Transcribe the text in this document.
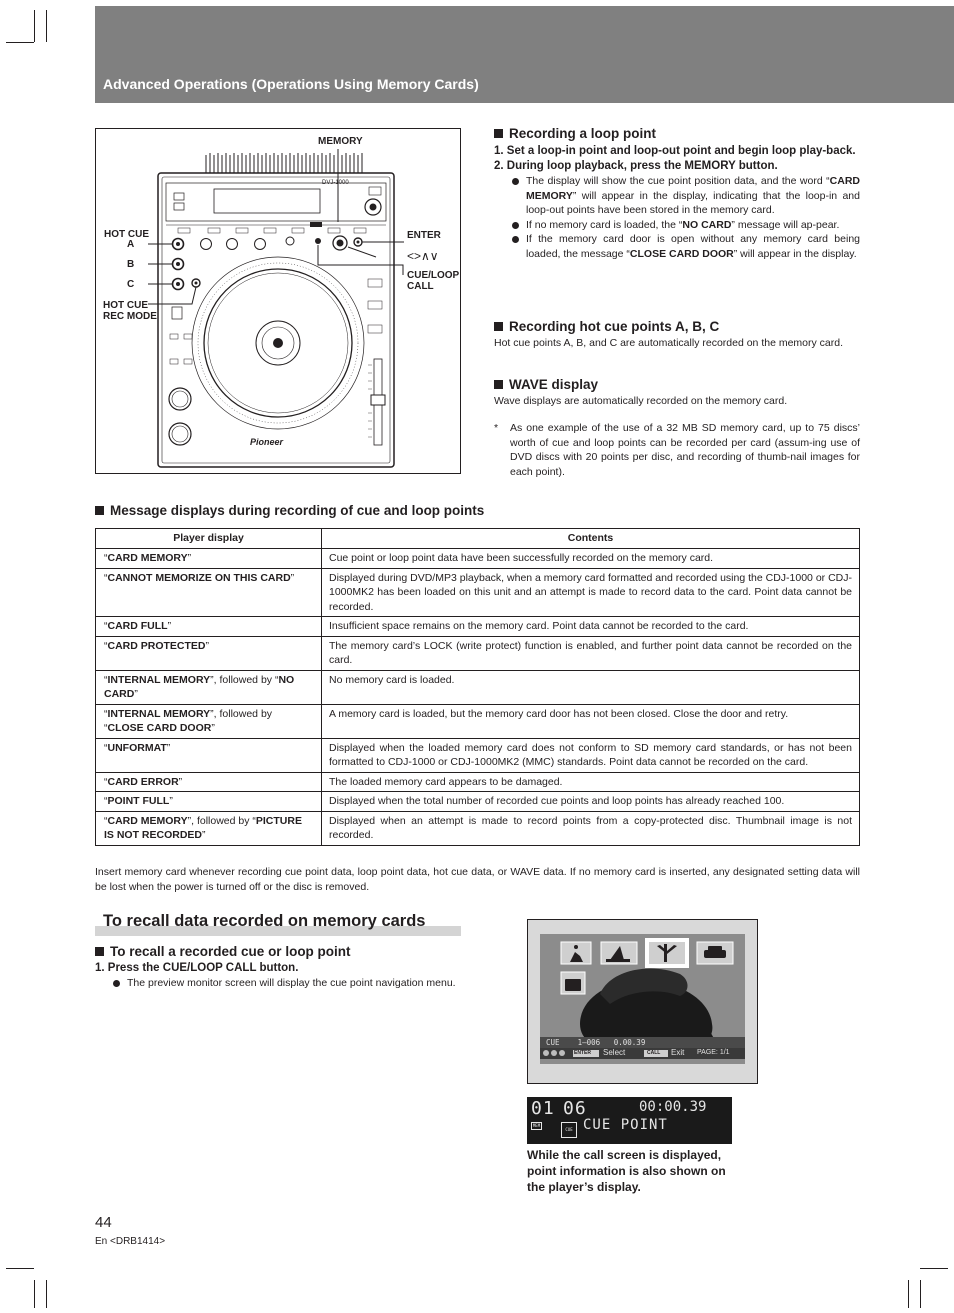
Advanced Operations (Operations Using Memory Cards)
DVJ-1000
Pioneer
MEMORY
HOT CUE
A
B
C
HOT CUE
REC MODE
ENTER
<>∧∨
CUE/LOOP
CALL
Recording a loop point
1. Set a loop-in point and loop-out point and begin loop play-back.
2. During loop playback, press the MEMORY button.
The display will show the cue point position data, and the word “CARD MEMORY” will appear in the display, indicating that the loop-in and loop-out points have been stored in the memory card.
If no memory card is loaded, the “NO CARD” message will ap-pear.
If the memory card door is open without any memory card being loaded, the message “CLOSE CARD DOOR” will appear in the display.
Recording hot cue points A, B, C
Hot cue points A, B, and C are automatically recorded on the memory card.
WAVE display
Wave displays are automatically recorded on the memory card.
* As one example of the use of a 32 MB SD memory card, up to 75 discs’ worth of cue and loop points can be recorded per card (assum-ing use of DVD discs with 20 points per disc, and recording of thumb-nail images for each point).
Message displays during recording of cue and loop points
Player display	Contents
“CARD MEMORY”	Cue point or loop point data have been successfully recorded on the memory card.
“CANNOT MEMORIZE ON THIS CARD”	Displayed during DVD/MP3 playback, when a memory card formatted and recorded using the CDJ-1000 or CDJ-1000MK2 has been loaded on this unit and an attempt is made to record data to the card. Point data cannot be recorded.
“CARD FULL”	Insufficient space remains on the memory card. Point data cannot be recorded to the card.
“CARD PROTECTED”	The memory card’s LOCK (write protect) function is enabled, and further point data cannot be recorded on the card.
“INTERNAL MEMORY”, followed by “NO CARD”	No memory card is loaded.
“INTERNAL MEMORY”, followed by “CLOSE CARD DOOR”	A memory card is loaded, but the memory card door has not been closed. Close the door and retry.
“UNFORMAT”	Displayed when the loaded memory card does not conform to SD memory card standards, or has not been formatted to CDJ-1000 or CDJ-1000MK2 (MMC) standards. Point data cannot be recorded on the card.
“CARD ERROR”	The loaded memory card appears to be damaged.
“POINT FULL”	Displayed when the total number of recorded cue points and loop points has already reached 100.
“CARD MEMORY”, followed by “PICTURE IS NOT RECORDED”	Displayed when an attempt is made to record points from a copy-protected disc. Thumbnail image is not recorded.
Insert memory card whenever recording cue point data, loop point data, hot cue data, or WAVE data. If no memory card is inserted, any designated setting data will be lost when the power is turned off or the disc is removed.
To recall data recorded on memory cards
To recall a recorded cue or loop point
1. Press the CUE/LOOP CALL button.
The preview monitor screen will display the cue point navigation menu.
CUE    1–006   0.00.39
ENTER Select	CALL Exit PAGE: 1/1
01 06	00:00.39
MEM
CUE CUE POINT
While the call screen is displayed, point information is also shown on the player’s display.
44
En <DRB1414>
